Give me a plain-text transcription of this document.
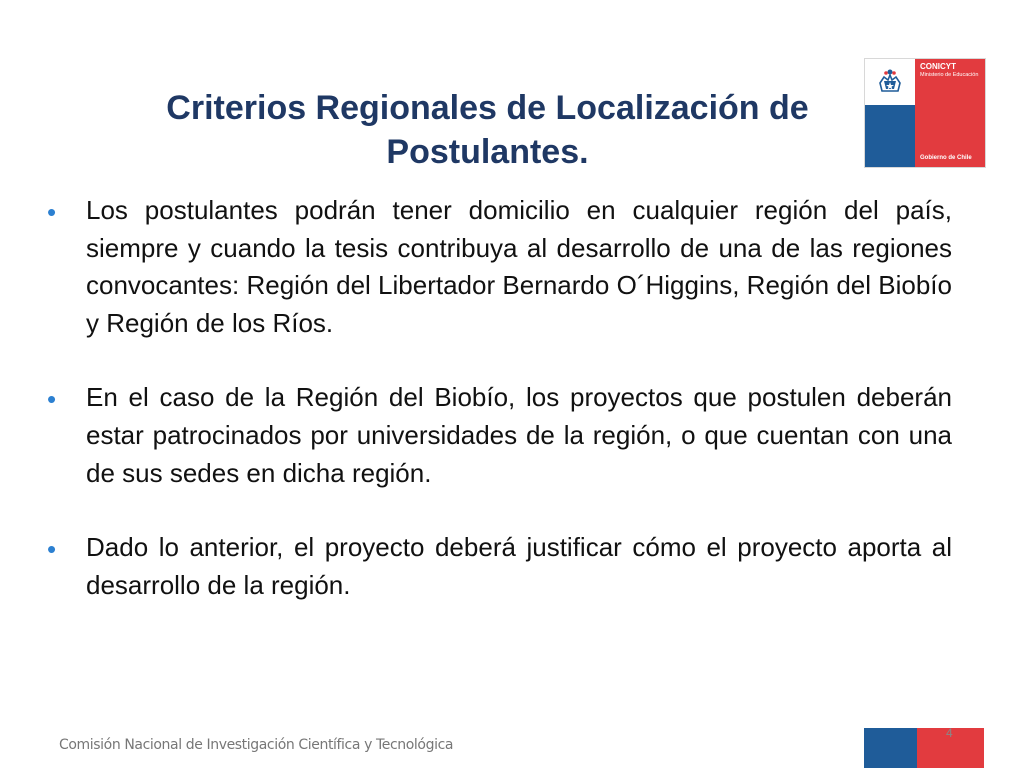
Criterios Regionales de Localización de
Postulantes.
CONICYT
Ministerio de Educación
Gobierno de Chile

• Los postulantes podrán tener domicilio en cualquier región del país, siempre y cuando la tesis contribuya al desarrollo de una de las regiones convocantes: Región del Libertador Bernardo O´Higgins, Región del Biobío y Región de los Ríos.

• En el caso de la Región del Biobío, los proyectos que postulen deberán estar patrocinados por universidades de la región, o que cuentan con una de sus sedes en dicha región.

• Dado lo anterior, el proyecto deberá justificar cómo el proyecto aporta al desarrollo de la región.

Comisión Nacional de Investigación Científica y Tecnológica
4
